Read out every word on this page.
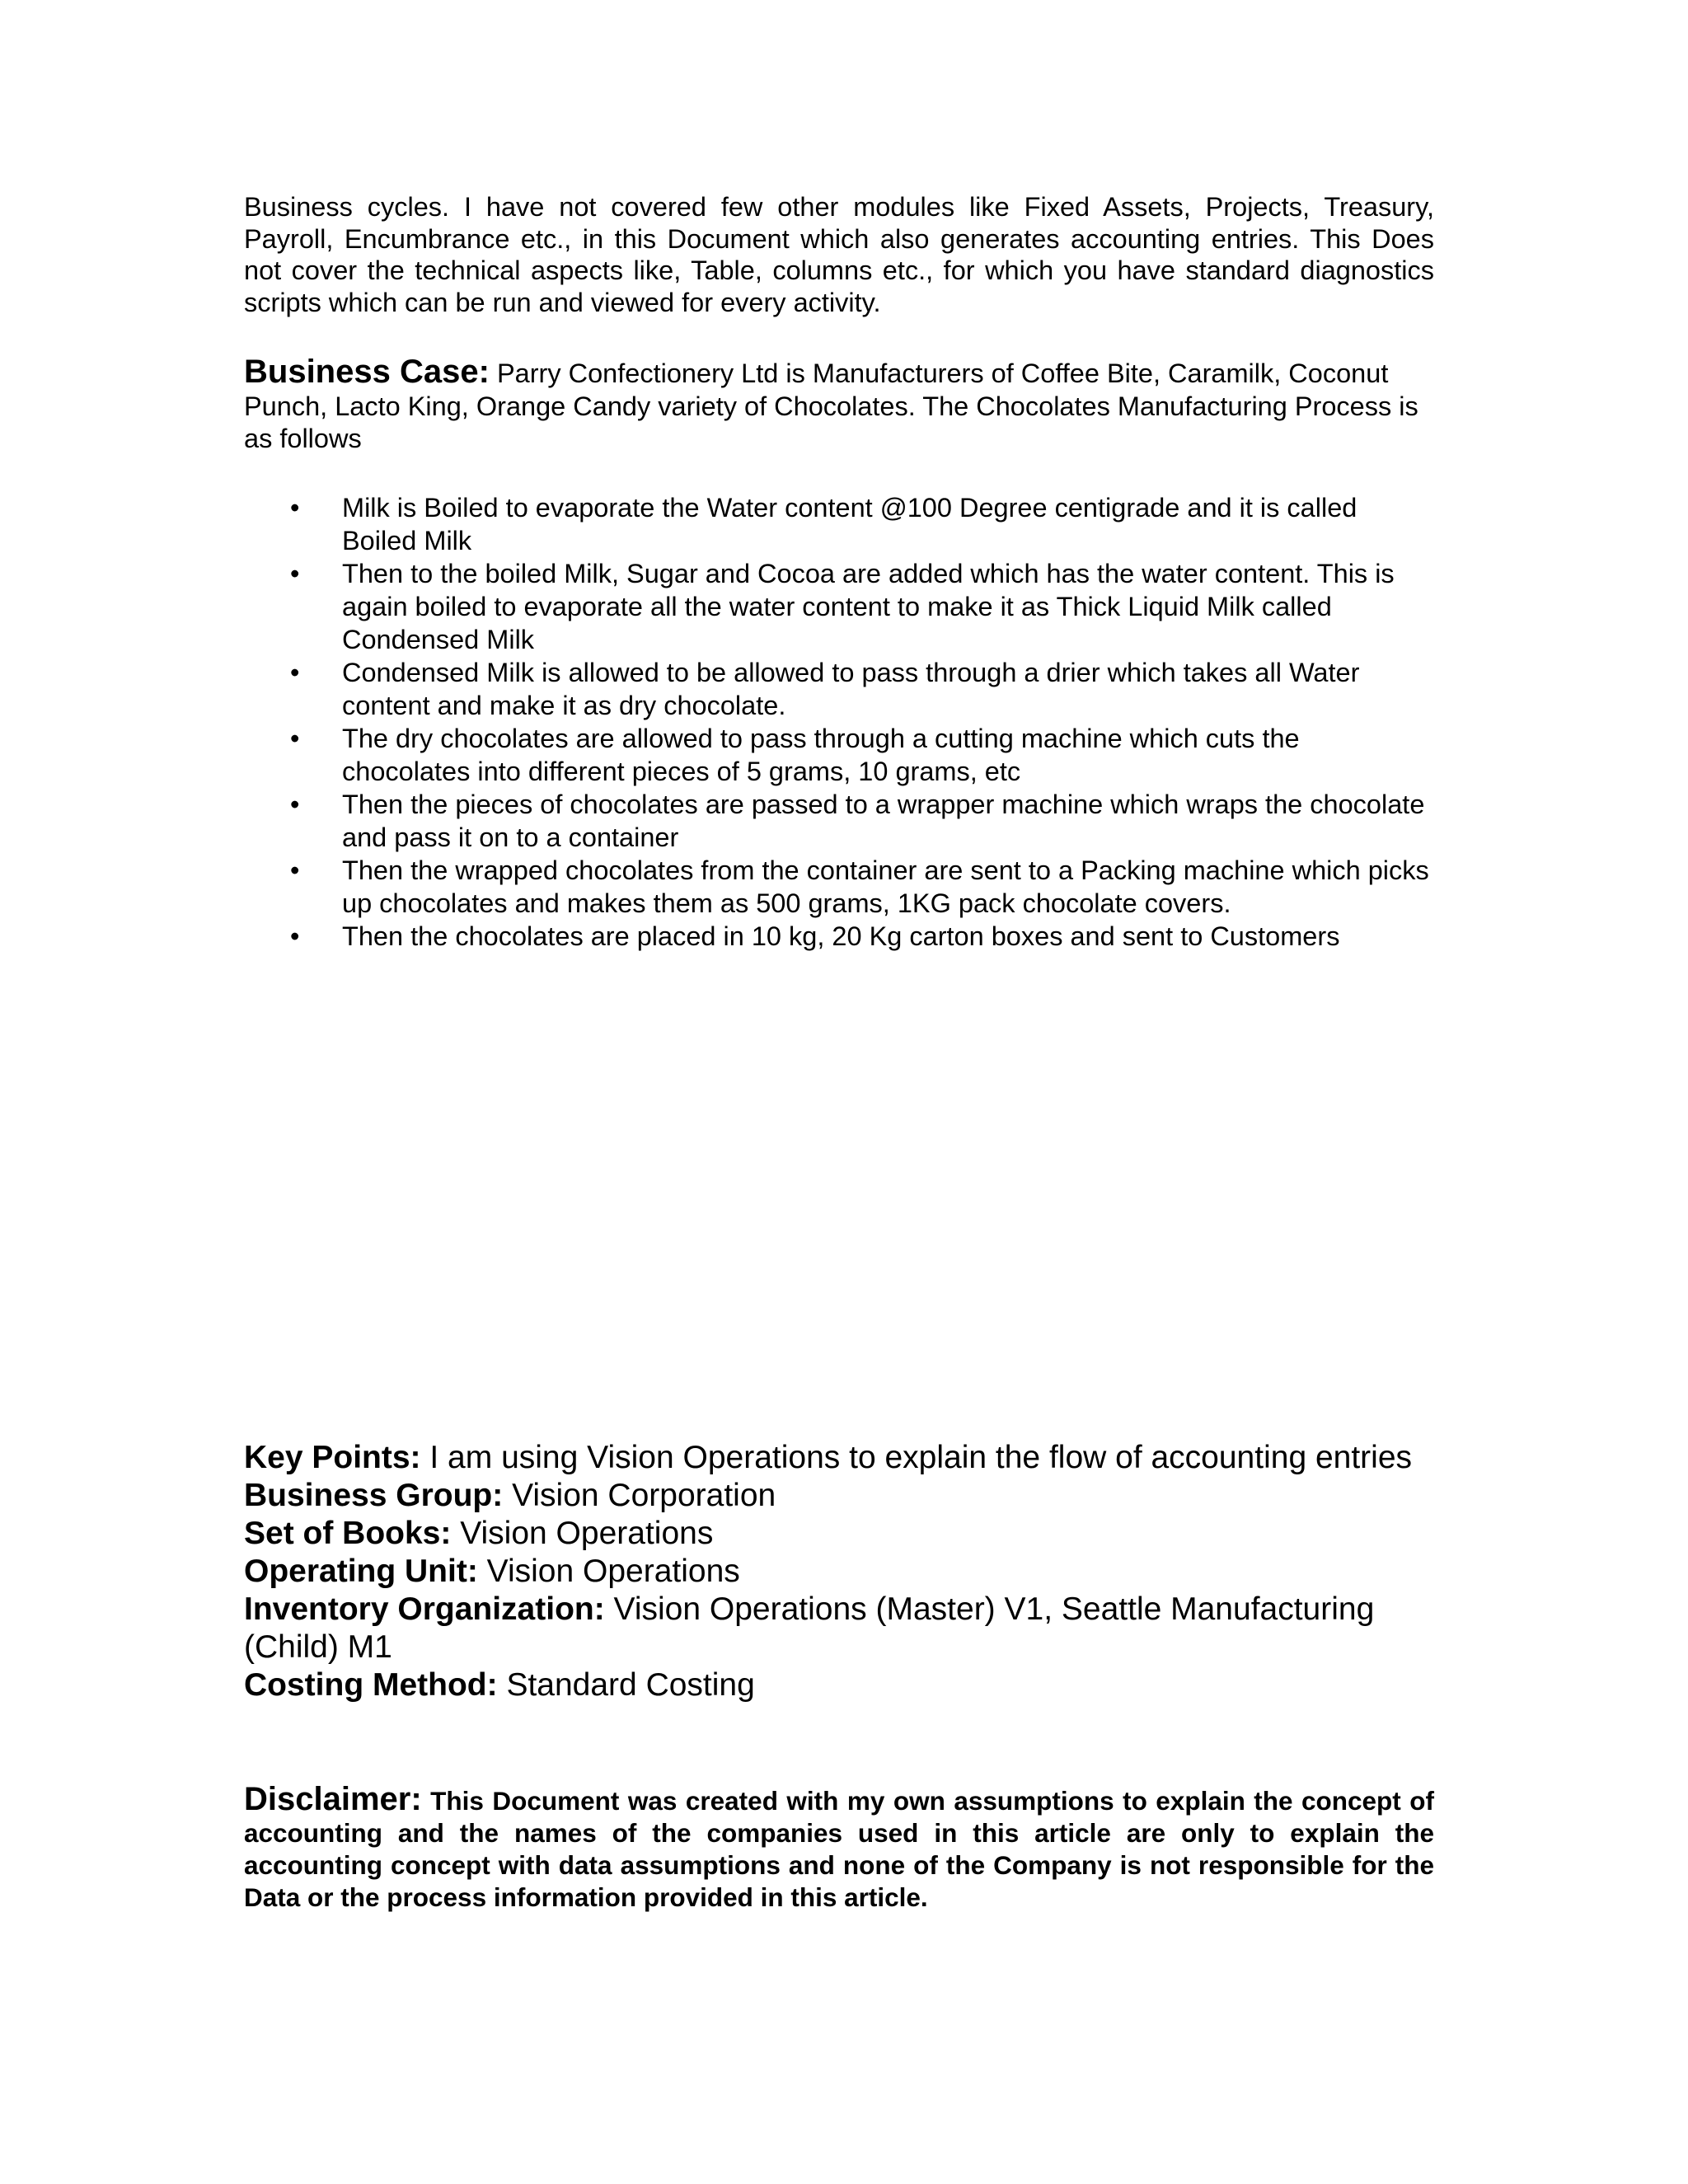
Business cycles. I have not covered few other modules like Fixed Assets, Projects, Treasury, Payroll, Encumbrance etc., in this Document which also generates accounting entries. This Does not cover the technical aspects like, Table, columns etc., for which you have standard diagnostics scripts which can be run and viewed for every activity.

Business Case: Parry Confectionery Ltd is Manufacturers of Coffee Bite, Caramilk, Coconut Punch, Lacto King, Orange Candy variety of Chocolates. The Chocolates Manufacturing Process is as follows

• Milk is Boiled to evaporate the Water content @100 Degree centigrade and it is called Boiled Milk
• Then to the boiled Milk, Sugar and Cocoa are added which has the water content. This is again boiled to evaporate all the water content to make it as Thick Liquid Milk called Condensed Milk
• Condensed Milk is allowed to be allowed to pass through a drier which takes all Water content and make it as dry chocolate.
• The dry chocolates are allowed to pass through a cutting machine which cuts the chocolates into different pieces of 5 grams, 10 grams, etc
• Then the pieces of chocolates are passed to a wrapper machine which wraps the chocolate and pass it on to a container
• Then the wrapped chocolates from the container are sent to a Packing machine which picks up chocolates and makes them as 500 grams, 1KG pack chocolate covers.
• Then the chocolates are placed in 10 kg, 20 Kg carton boxes and sent to Customers

Key Points: I am using Vision Operations to explain the flow of accounting entries

Business Group: Vision Corporation

Set of Books: Vision Operations

Operating Unit: Vision Operations

Inventory Organization: Vision Operations (Master) V1, Seattle Manufacturing (Child) M1

Costing Method: Standard Costing

Disclaimer: This Document was created with my own assumptions to explain the concept of accounting and the names of the companies used in this article are only to explain the accounting concept with data assumptions and none of the Company is not responsible for the Data or the process information provided in this article.
